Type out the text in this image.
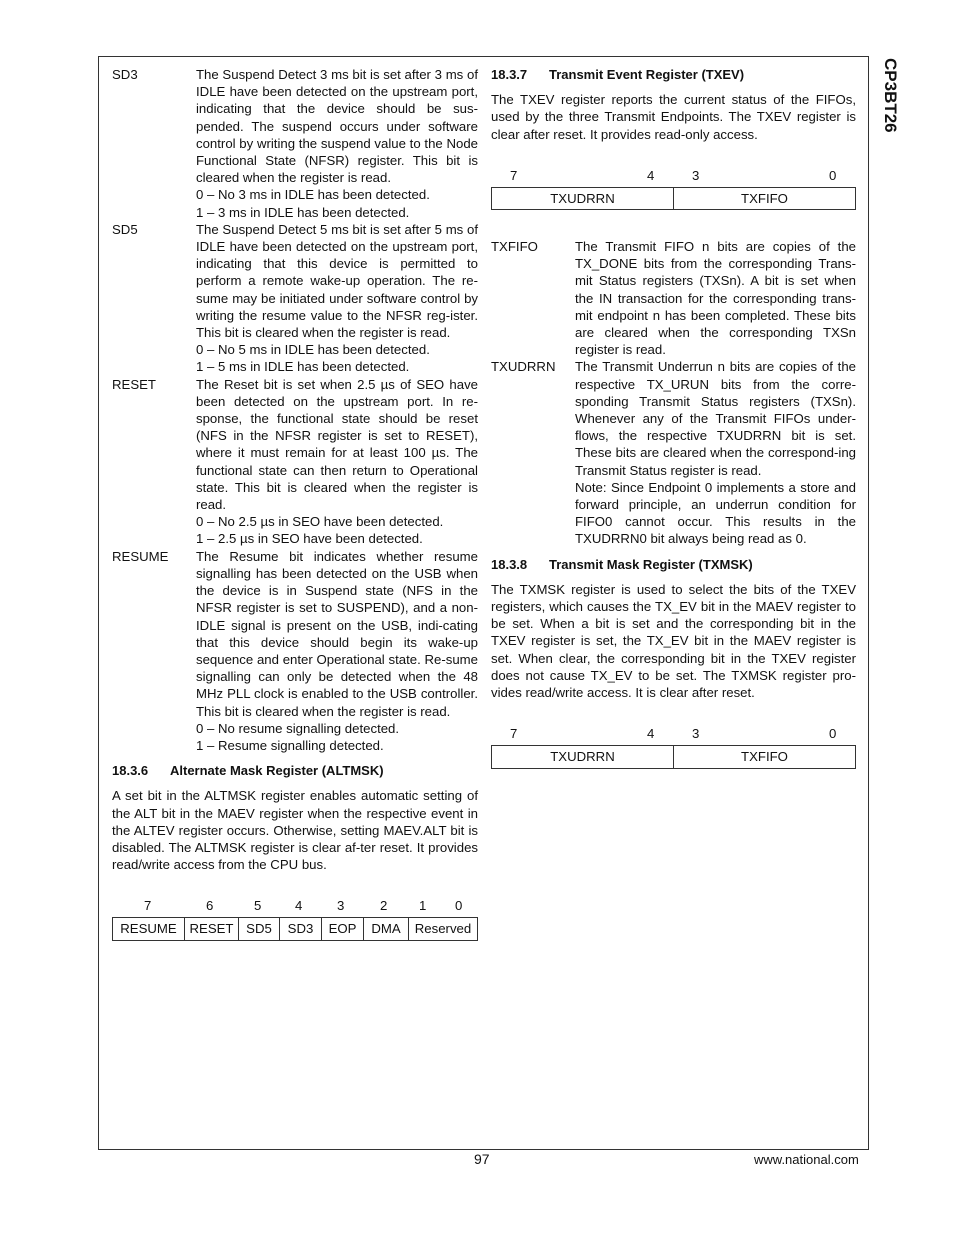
CP3BT26
SD3	The Suspend Detect 3 ms bit is set after 3 ms of IDLE have been detected on the upstream port, indicating that the device should be sus-pended. The suspend occurs under software control by writing the suspend value to the Node Functional State (NFSR) register. This bit is cleared when the register is read.

0 – No 3 ms in IDLE has been detected.

1 – 3 ms in IDLE has been detected.

SD5	The Suspend Detect 5 ms bit is set after 5 ms of IDLE have been detected on the upstream port, indicating that this device is permitted to perform a remote wake-up operation. The re-sume may be initiated under software control by writing the resume value to the NFSR reg-ister. This bit is cleared when the register is read.

0 – No 5 ms in IDLE has been detected.

1 – 5 ms in IDLE has been detected.

RESET	The Reset bit is set when 2.5 µs of SEO have been detected on the upstream port. In re-sponse, the functional state should be reset (NFS in the NFSR register is set to RESET), where it must remain for at least 100 µs. The functional state can then return to Operational state. This bit is cleared when the register is read.

0 – No 2.5 µs in SEO have been detected.

1 – 2.5 µs in SEO have been detected.

RESUME	The Resume bit indicates whether resume signalling has been detected on the USB when the device is in Suspend state (NFS in the NFSR register is set to SUSPEND), and a non-IDLE signal is present on the USB, indi-cating that this device should begin its wake-up sequence and enter Operational state. Re-sume signalling can only be detected when the 48 MHz PLL clock is enabled to the USB controller. This bit is cleared when the register is read.

0 – No resume signalling detected.

1 – Resume signalling detected.

18.3.6 Alternate Mask Register (ALTMSK)

A set bit in the ALTMSK register enables automatic setting of the ALT bit in the MAEV register when the respective event in the ALTEV register occurs. Otherwise, setting MAEV.ALT bit is disabled. The ALTMSK register is clear af-ter reset. It provides read/write access from the CPU bus.

7	6	5	4	3	2 1 0
RESUME	RESET	SD5	SD3	EOP	DMA	Reserved
18.3.7 Transmit Event Register (TXEV)

The TXEV register reports the current status of the FIFOs, used by the three Transmit Endpoints. The TXEV register is clear after reset. It provides read-only access.

7	4	3	0
TXUDRRN	TXFIFO
TXFIFO	The Transmit FIFO n bits are copies of the TX_DONE bits from the corresponding Trans-mit Status registers (TXSn). A bit is set when the IN transaction for the corresponding trans-mit endpoint n has been completed. These bits are cleared when the corresponding TXSn register is read.

TXUDRRN	The Transmit Underrun n bits are copies of the respective TX_URUN bits from the corre-sponding Transmit Status registers (TXSn). Whenever any of the Transmit FIFOs under-flows, the respective TXUDRRN bit is set. These bits are cleared when the correspond-ing Transmit Status register is read.

Note: Since Endpoint 0 implements a store and forward principle, an underrun condition for FIFO0 cannot occur. This results in the TXUDRRN0 bit always being read as 0.

18.3.8 Transmit Mask Register (TXMSK)

The TXMSK register is used to select the bits of the TXEV registers, which causes the TX_EV bit in the MAEV register to be set. When a bit is set and the corresponding bit in the TXEV register is set, the TX_EV bit in the MAEV register is set. When clear, the corresponding bit in the TXEV register does not cause TX_EV to be set. The TXMSK register pro-vides read/write access. It is clear after reset.

7	4	3	0
TXUDRRN	TXFIFO
97	www.national.com
